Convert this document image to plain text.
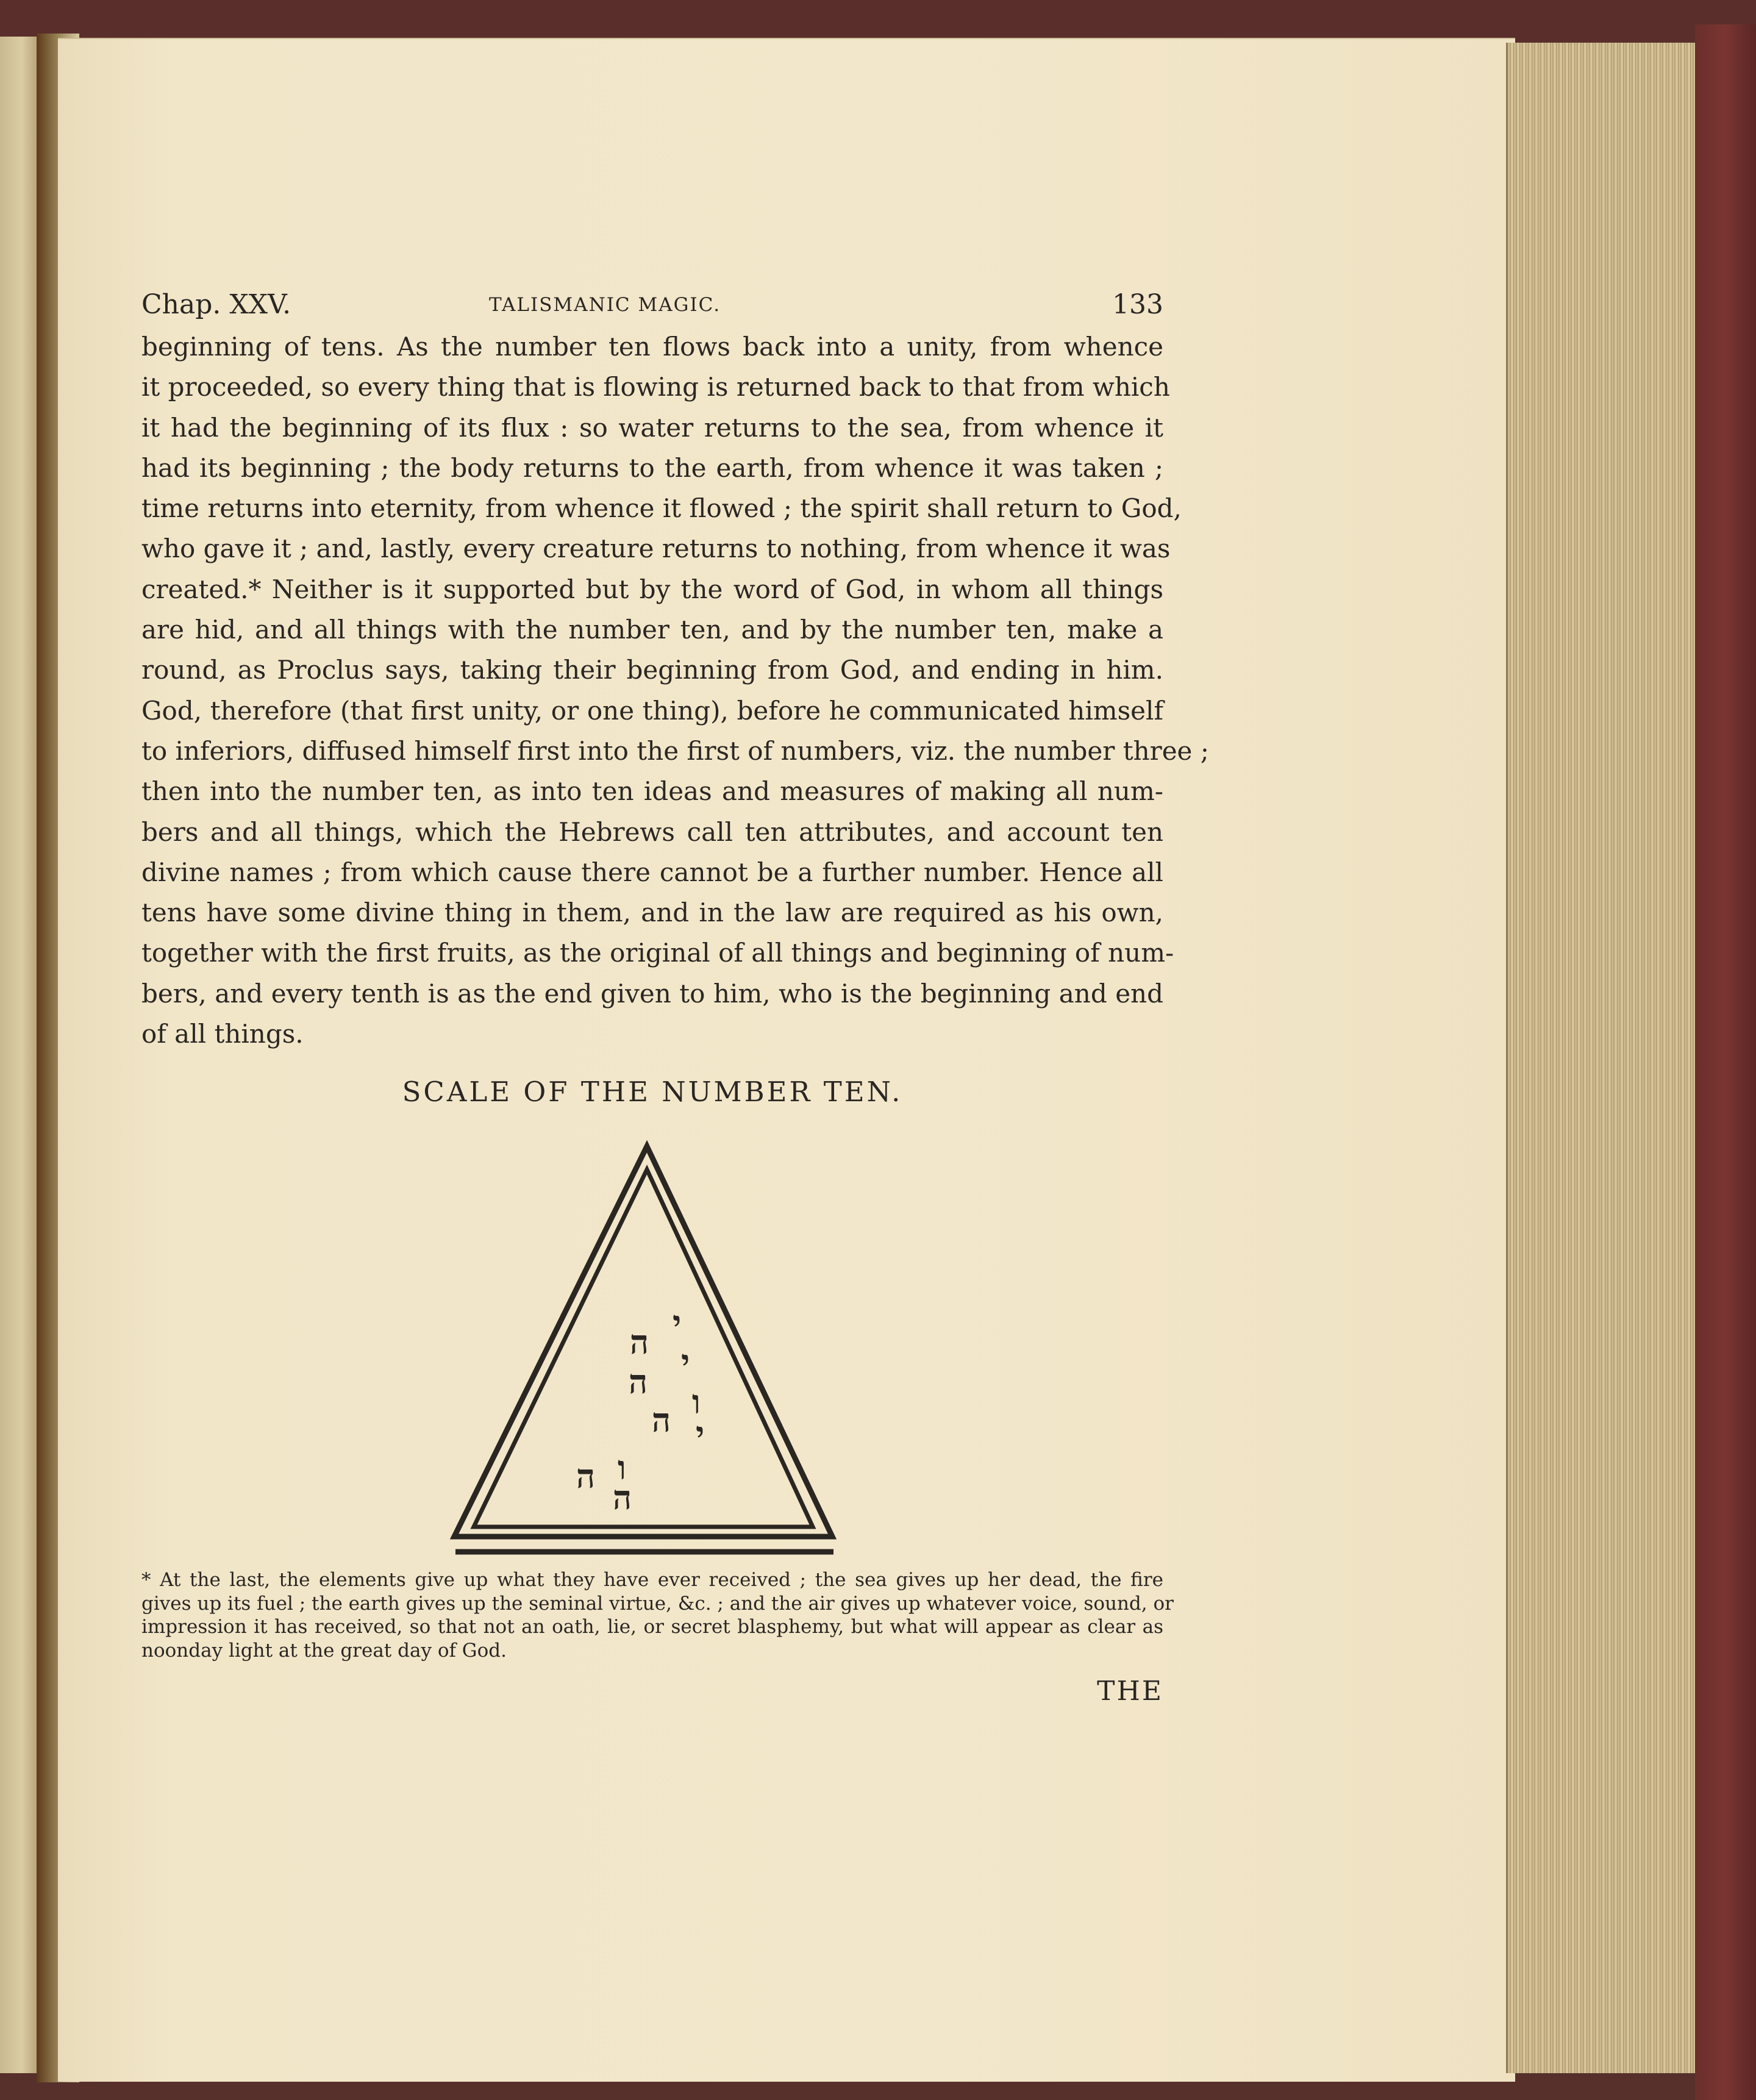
Chap. XXV.	TALISMANIC MAGIC.	133
beginning of tens. As the number ten flows back into a unity, from whence
it proceeded, so every thing that is flowing is returned back to that from which
it had the beginning of its flux : so water returns to the sea, from whence it
had its beginning ; the body returns to the earth, from whence it was taken ;
time returns into eternity, from whence it flowed ; the spirit shall return to God,
who gave it ; and, lastly, every creature returns to nothing, from whence it was
created.* Neither is it supported but by the word of God, in whom all things
are hid, and all things with the number ten, and by the number ten, make a
round, as Proclus says, taking their beginning from God, and ending in him.
God, therefore (that first unity, or one thing), before he communicated himself
to inferiors, diffused himself first into the first of numbers, viz. the number three ;
then into the number ten, as into ten ideas and measures of making all num-
bers and all things, which the Hebrews call ten attributes, and account ten
divine names ; from which cause there cannot be a further number. Hence all
tens have some divine thing in them, and in the law are required as his own,
together with the first fruits, as the original of all things and beginning of num-
bers, and every tenth is as the end given to him, who is the beginning and end
of all things.
SCALE OF THE NUMBER TEN.
י
ה י
ה
ו
ה י
ה ו
ה
* At the last, the elements give up what they have ever received ; the sea gives up her dead, the fire
gives up its fuel ; the earth gives up the seminal virtue, &c. ; and the air gives up whatever voice, sound, or
impression it has received, so that not an oath, lie, or secret blasphemy, but what will appear as clear as
noonday light at the great day of God.
THE
